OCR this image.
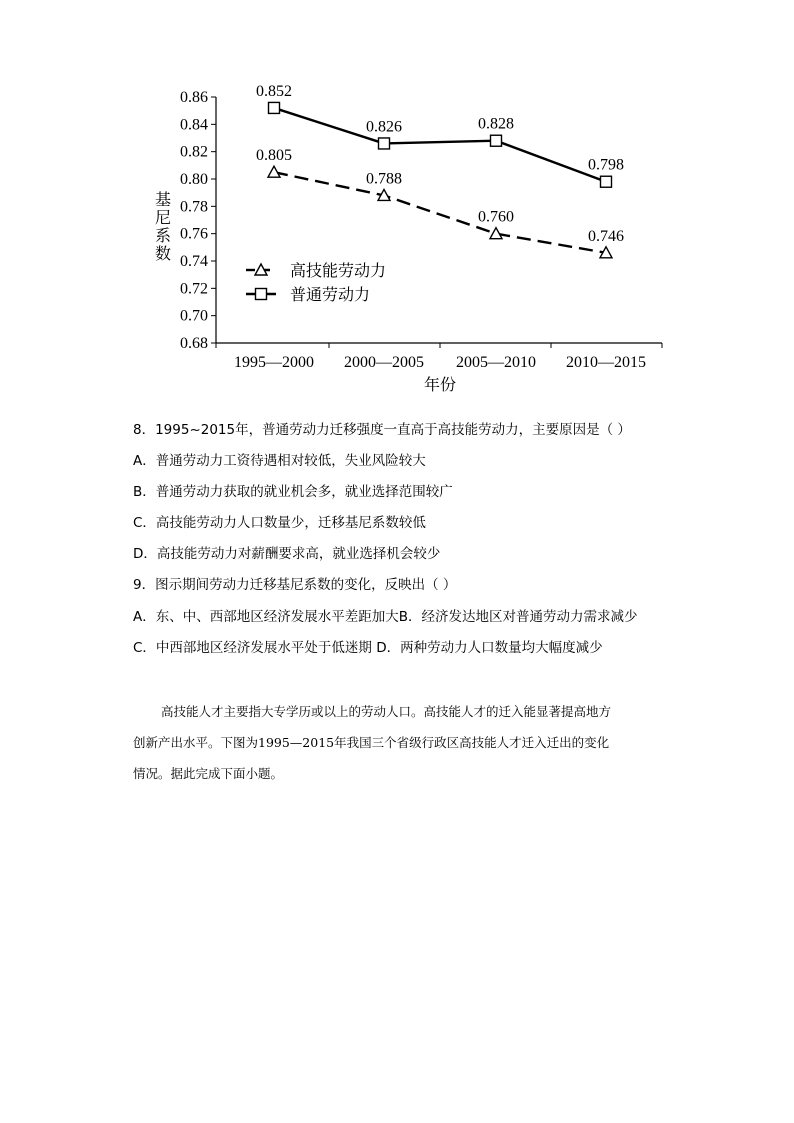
0.68
0.70
0.72
0.74
0.76
0.78
0.80
0.82
0.84
0.86
1995—2000 2000—2005 2005—2010 2010—2015
0.852
0.826	0.828
0.798
0.805
0.788
0.760
0.746
高技能劳动力
普通劳动力
基
尼
系
数
年份
8．1995~2015年，普通劳动力迁移强度一直高于高技能劳动力，主要原因是（ ）
A．普通劳动力工资待遇相对较低，失业风险较大
B．普通劳动力获取的就业机会多，就业选择范围较广
C．高技能劳动力人口数量少，迁移基尼系数较低
D．高技能劳动力对薪酬要求高，就业选择机会较少
9．图示期间劳动力迁移基尼系数的变化，反映出（ ）
A．东、中、西部地区经济发展水平差距加大B．经济发达地区对普通劳动力需求减少
C．中西部地区经济发展水平处于低迷期 D．两种劳动力人口数量均大幅度减少

高技能人才主要指大专学历或以上的劳动人口。高技能人才的迁入能显著提高地方

创新产出水平。下图为1995—2015年我国三个省级行政区高技能人才迁入迁出的变化

情况。据此完成下面小题。
